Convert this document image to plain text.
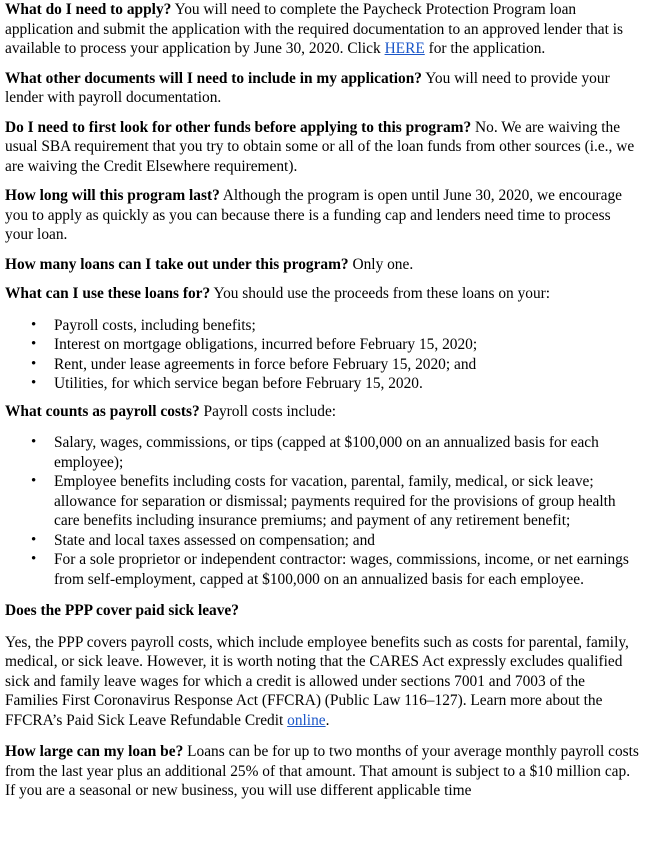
What do I need to apply? You will need to complete the Paycheck Protection Program loan application and submit the application with the required documentation to an approved lender that is available to process your application by June 30, 2020. Click HERE for the application.

What other documents will I need to include in my application? You will need to provide your lender with payroll documentation.

Do I need to first look for other funds before applying to this program? No. We are waiving the usual SBA requirement that you try to obtain some or all of the loan funds from other sources (i.e., we are waiving the Credit Elsewhere requirement).

How long will this program last? Although the program is open until June 30, 2020, we encourage you to apply as quickly as you can because there is a funding cap and lenders need time to process your loan.

How many loans can I take out under this program? Only one.

What can I use these loans for? You should use the proceeds from these loans on your:

• Payroll costs, including benefits;
• Interest on mortgage obligations, incurred before February 15, 2020;
• Rent, under lease agreements in force before February 15, 2020; and
• Utilities, for which service began before February 15, 2020.

What counts as payroll costs? Payroll costs include:

• Salary, wages, commissions, or tips (capped at $100,000 on an annualized basis for each employee);
• Employee benefits including costs for vacation, parental, family, medical, or sick leave; allowance for separation or dismissal; payments required for the provisions of group health care benefits including insurance premiums; and payment of any retirement benefit;
• State and local taxes assessed on compensation; and
• For a sole proprietor or independent contractor: wages, commissions, income, or net earnings from self-employment, capped at $100,000 on an annualized basis for each employee.

Does the PPP cover paid sick leave?

Yes, the PPP covers payroll costs, which include employee benefits such as costs for parental, family, medical, or sick leave. However, it is worth noting that the CARES Act expressly excludes qualified sick and family leave wages for which a credit is allowed under sections 7001 and 7003 of the Families First Coronavirus Response Act (FFCRA) (Public Law 116–127). Learn more about the FFCRA’s Paid Sick Leave Refundable Credit online.

How large can my loan be? Loans can be for up to two months of your average monthly payroll costs from the last year plus an additional 25% of that amount. That amount is subject to a $10 million cap. If you are a seasonal or new business, you will use different applicable time
